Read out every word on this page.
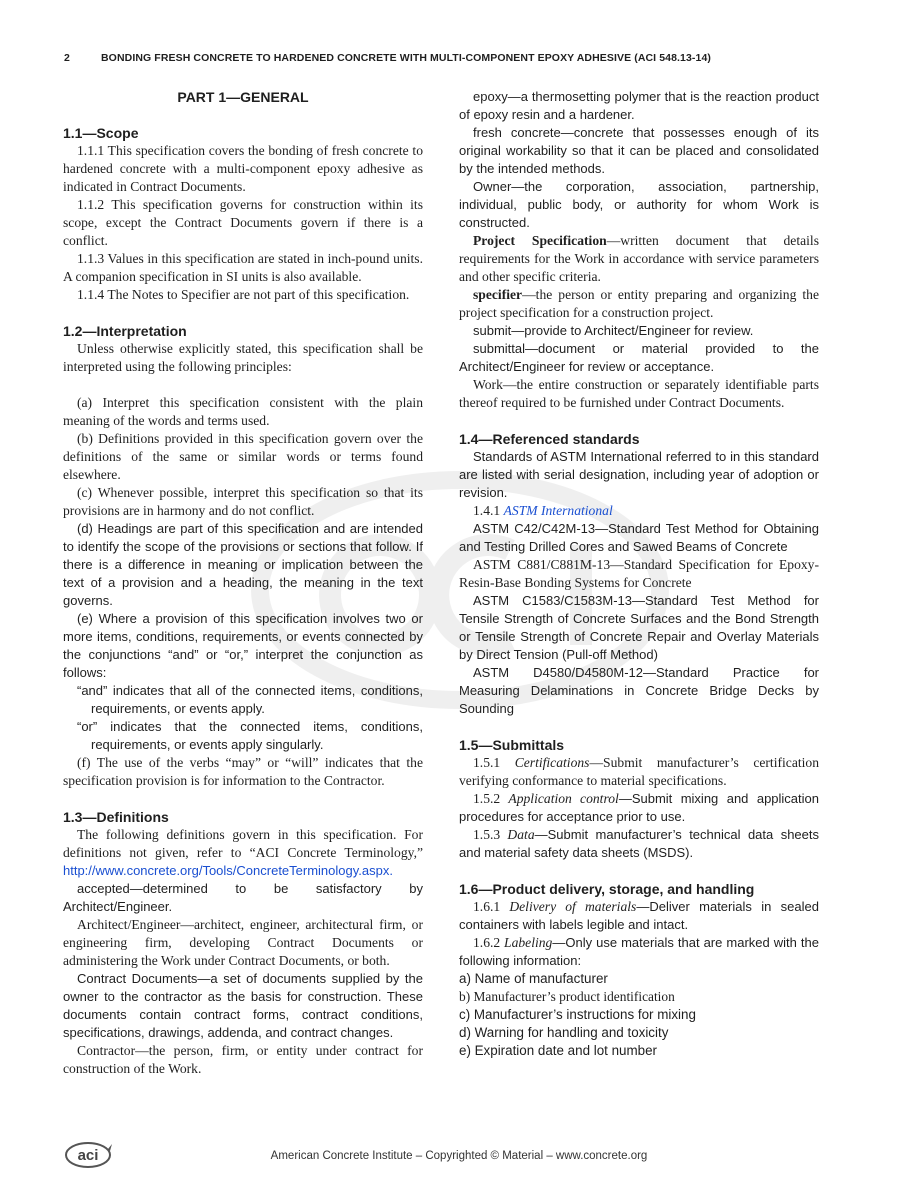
2	BONDING FRESH CONCRETE TO HARDENED CONCRETE WITH MULTI-COMPONENT EPOXY ADHESIVE (ACI 548.13-14)
PART 1—GENERAL
1.1—Scope

1.1.1 This specification covers the bonding of fresh concrete to hardened concrete with a multi-component epoxy adhesive as indicated in Contract Documents.

1.1.2 This specification governs for construction within its scope, except the Contract Documents govern if there is a conflict.

1.1.3 Values in this specification are stated in inch-pound units. A companion specification in SI units is also available.

1.1.4 The Notes to Specifier are not part of this specification.

1.2—Interpretation

Unless otherwise explicitly stated, this specification shall be interpreted using the following principles:

(a) Interpret this specification consistent with the plain meaning of the words and terms used.

(b) Definitions provided in this specification govern over the definitions of the same or similar words or terms found elsewhere.

(c) Whenever possible, interpret this specification so that its provisions are in harmony and do not conflict.

(d) Headings are part of this specification and are intended to identify the scope of the provisions or sections that follow. If there is a difference in meaning or implication between the text of a provision and a heading, the meaning in the text governs.

(e) Where a provision of this specification involves two or more items, conditions, requirements, or events connected by the conjunctions “and” or “or,” interpret the conjunction as follows:

“and” indicates that all of the connected items, conditions, requirements, or events apply.

“or” indicates that the connected items, conditions, requirements, or events apply singularly.

(f) The use of the verbs “may” or “will” indicates that the specification provision is for information to the Contractor.

1.3—Definitions

The following definitions govern in this specification. For definitions not given, refer to “ACI Concrete Terminology,” http://www.concrete.org/Tools/ConcreteTerminology.aspx.

accepted—determined to be satisfactory by Architect/Engineer.

Architect/Engineer—architect, engineer, architectural firm, or engineering firm, developing Contract Documents or administering the Work under Contract Documents, or both.

Contract Documents—a set of documents supplied by the owner to the contractor as the basis for construction. These documents contain contract forms, contract conditions, specifications, drawings, addenda, and contract changes.

Contractor—the person, firm, or entity under contract for construction of the Work.

epoxy—a thermosetting polymer that is the reaction product of epoxy resin and a hardener.

fresh concrete—concrete that possesses enough of its original workability so that it can be placed and consolidated by the intended methods.

Owner—the corporation, association, partnership, individual, public body, or authority for whom Work is constructed.

Project Specification—written document that details requirements for the Work in accordance with service parameters and other specific criteria.

specifier—the person or entity preparing and organizing the project specification for a construction project.

submit—provide to Architect/Engineer for review.

submittal—document or material provided to the Architect/Engineer for review or acceptance.

Work—the entire construction or separately identifiable parts thereof required to be furnished under Contract Documents.

1.4—Referenced standards

Standards of ASTM International referred to in this standard are listed with serial designation, including year of adoption or revision.

1.4.1 ASTM International

ASTM C42/C42M-13—Standard Test Method for Obtaining and Testing Drilled Cores and Sawed Beams of Concrete

ASTM C881/C881M-13—Standard Specification for Epoxy-Resin-Base Bonding Systems for Concrete

ASTM C1583/C1583M-13—Standard Test Method for Tensile Strength of Concrete Surfaces and the Bond Strength or Tensile Strength of Concrete Repair and Overlay Materials by Direct Tension (Pull-off Method)

ASTM D4580/D4580M-12—Standard Practice for Measuring Delaminations in Concrete Bridge Decks by Sounding

1.5—Submittals

1.5.1 Certifications—Submit manufacturer’s certification verifying conformance to material specifications.

1.5.2 Application control—Submit mixing and application procedures for acceptance prior to use.

1.5.3 Data—Submit manufacturer’s technical data sheets and material safety data sheets (MSDS).

1.6—Product delivery, storage, and handling

1.6.1 Delivery of materials—Deliver materials in sealed containers with labels legible and intact.

1.6.2 Labeling—Only use materials that are marked with the following information:

a) Name of manufacturer
b) Manufacturer’s product identification
c) Manufacturer’s instructions for mixing
d) Warning for handling and toxicity
e) Expiration date and lot number
aci	American Concrete Institute – Copyrighted © Material – www.concrete.org
